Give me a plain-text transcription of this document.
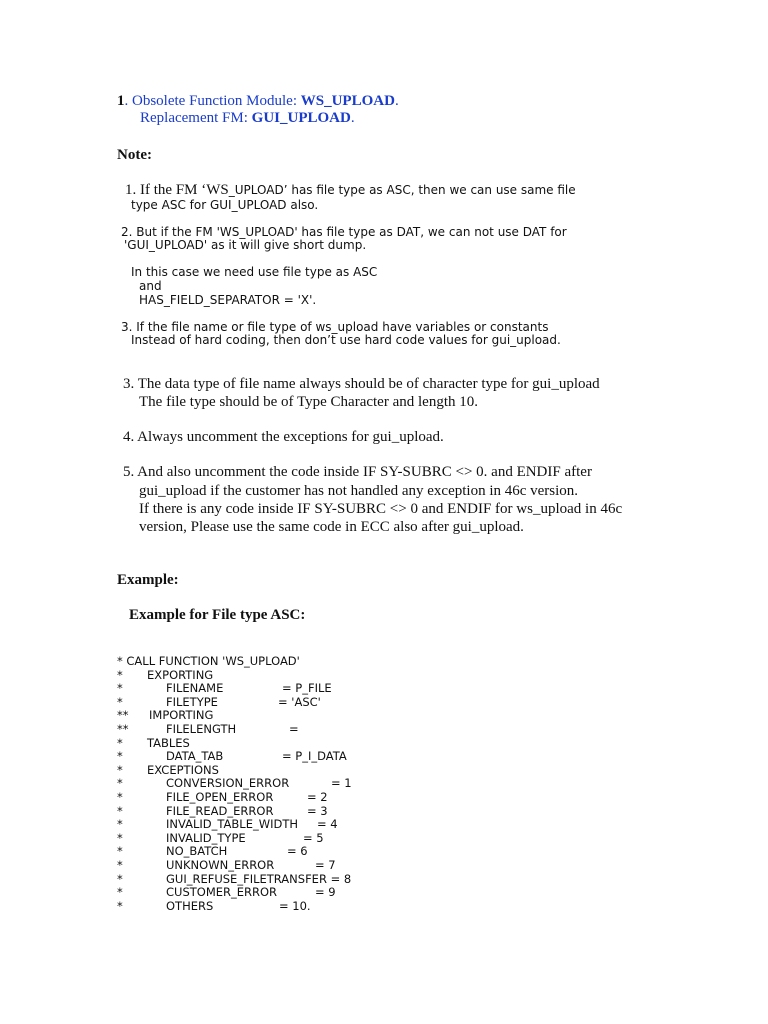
1. Obsolete Function Module: WS_UPLOAD.
Replacement FM: GUI_UPLOAD.
Note:
1. If the FM ‘WS_UPLOAD’ has file type as ASC, then we can use same file
type ASC for GUI_UPLOAD also.
2. But if the FM 'WS_UPLOAD' has file type as DAT, we can not use DAT for
'GUI_UPLOAD' as it will give short dump.
In this case we need use file type as ASC
and
HAS_FIELD_SEPARATOR = 'X'.
3. If the file name or file type of ws_upload have variables or constants
Instead of hard coding, then don’t use hard code values for gui_upload.
3. The data type of file name always should be of character type for gui_upload
The file type should be of Type Character and length 10.
4. Always uncomment the exceptions for gui_upload.
5. And also uncomment the code inside IF SY-SUBRC <> 0. and ENDIF after
gui_upload if the customer has not handled any exception in 46c version.
If there is any code inside IF SY-SUBRC <> 0 and ENDIF for ws_upload in 46c
version, Please use the same code in ECC also after gui_upload.
Example:
Example for File type ASC:
* CALL FUNCTION 'WS_UPLOAD'
* EXPORTING
*	FILENAME	= P_FILE
*	FILETYPE	= 'ASC'
** IMPORTING
**	FILELENGTH	=
* TABLES
*	DATA_TAB	= P_I_DATA
* EXCEPTIONS
*	CONVERSION_ERROR	= 1
*	FILE_OPEN_ERROR	= 2
*	FILE_READ_ERROR	= 3
*	INVALID_TABLE_WIDTH = 4
*	INVALID_TYPE	= 5
*	NO_BATCH	= 6
*	UNKNOWN_ERROR	= 7
*	GUI_REFUSE_FILETRANSFER = 8
*	CUSTOMER_ERROR	= 9
*	OTHERS	= 10.
